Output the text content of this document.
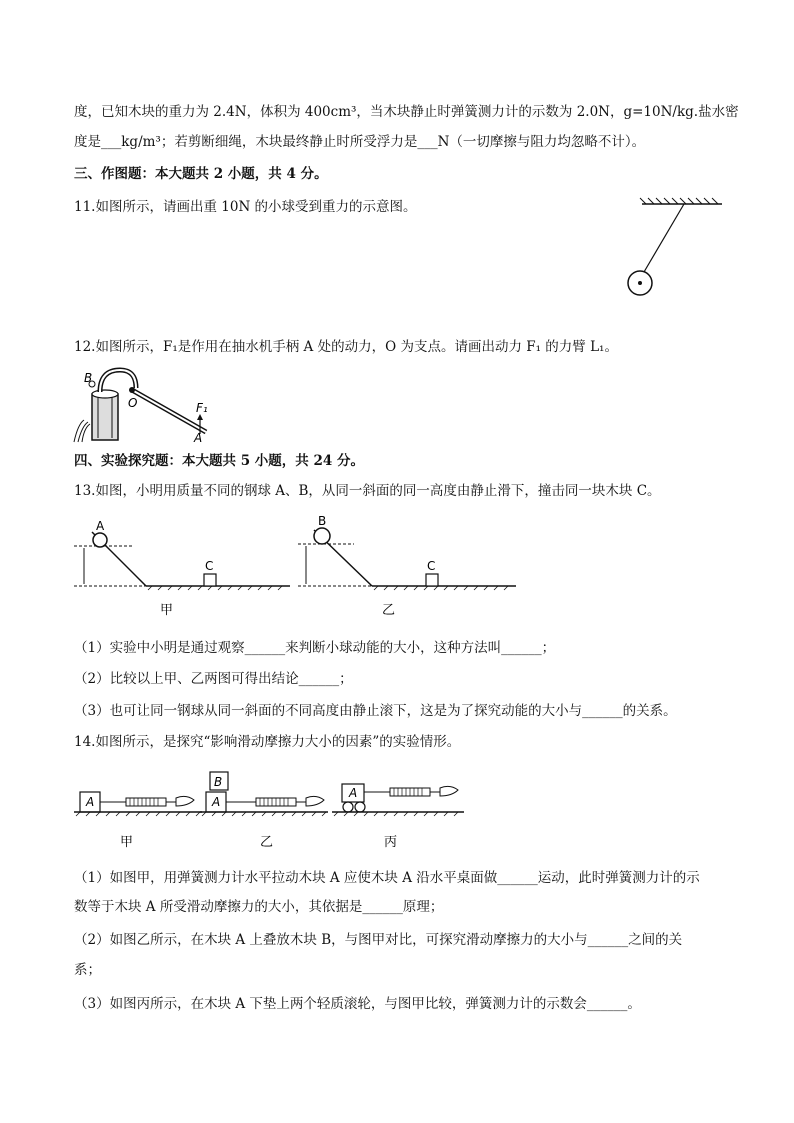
度，已知木块的重力为 2.4N，体积为 400cm³，当木块静止时弹簧测力计的示数为 2.0N，g=10N/kg.盐水密
度是___kg/m³；若剪断细绳，木块最终静止时所受浮力是___N（一切摩擦与阻力均忽略不计）。
三、作图题：本大题共 2 小题，共 4 分。
11.如图所示，请画出重 10N 的小球受到重力的示意图。
12.如图所示，F₁是作用在抽水机手柄 A 处的动力，O 为支点。请画出动力 F₁ 的力臂 L₁。
B
O	F₁
A
四、实验探究题：本大题共 5 小题，共 24 分。
13.如图，小明用质量不同的钢球 A、B，从同一斜面的同一高度由静止滑下，撞击同一块木块 C。
A
C
甲
B
C
乙
（1）实验中小明是通过观察______来判断小球动能的大小，这种方法叫______；
（2）比较以上甲、乙两图可得出结论______；
（3）也可让同一钢球从同一斜面的不同高度由静止滚下，这是为了探究动能的大小与______的关系。
14.如图所示，是探究“影响滑动摩擦力大小的因素”的实验情形。
A
甲
B
A
乙
A
丙
（1）如图甲，用弹簧测力计水平拉动木块 A 应使木块 A 沿水平桌面做______运动，此时弹簧测力计的示
数等于木块 A 所受滑动摩擦力的大小，其依据是______原理；
（2）如图乙所示，在木块 A 上叠放木块 B，与图甲对比，可探究滑动摩擦力的大小与______之间的关
系；
（3）如图丙所示，在木块 A 下垫上两个轻质滚轮，与图甲比较，弹簧测力计的示数会______。
